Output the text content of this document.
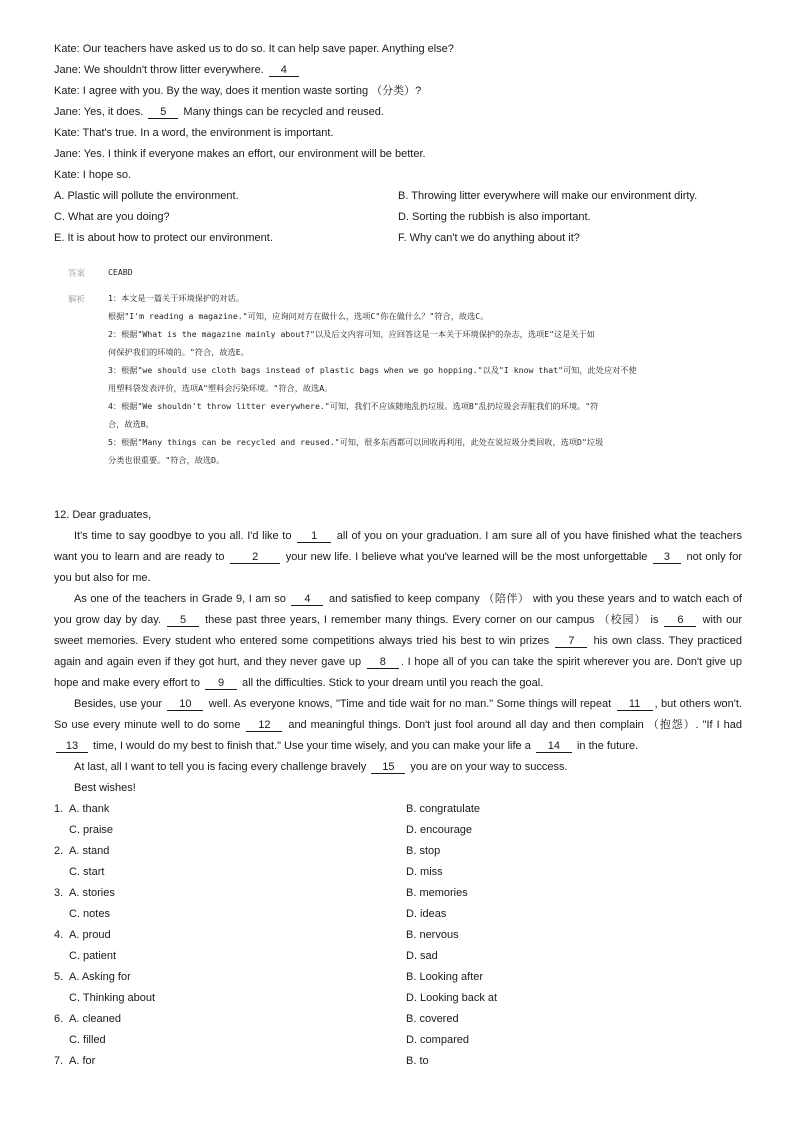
Kate: Our teachers have asked us to do so. It can help save paper. Anything else?
Jane: We shouldn't throw litter everywhere. 4
Kate: I agree with you. By the way, does it mention waste sorting （分类）?
Jane: Yes, it does. 5 Many things can be recycled and reused.
Kate: That's true. In a word, the environment is important.
Jane: Yes. I think if everyone makes an effort, our environment will be better.
Kate: I hope so.
A. Plastic will pollute the environment.	B. Throwing litter everywhere will make our environment dirty.
C. What are you doing?	D. Sorting the rubbish is also important.
E. It is about how to protect our environment.	F. Why can't we do anything about it?
答案	CEABD
解析	1：本文是一篇关于环境保护的对话。
根据"I'm reading a magazine."可知，应询问对方在做什么，选项C"你在做什么？"符合，故选C。
2：根据"What is the magazine mainly about?"以及后文内容可知，应回答这是一本关于环境保护的杂志，选项E"这是关于如
何保护我们的环境的。"符合，故选E。
3：根据"we should use cloth bags instead of plastic bags when we go hopping."以及"I know that"可知，此处应对不使
用塑料袋发表评价，选项A"塑料会污染环境。"符合，故选A。
4：根据"We shouldn't throw litter everywhere."可知，我们不应该随地乱扔垃圾。选项B"乱扔垃圾会弄脏我们的环境。"符
合，故选B。
5：根据"Many things can be recycled and reused."可知，很多东西都可以回收再利用，此处在说垃圾分类回收，选项D"垃圾
分类也很重要。"符合，故选D。
12. Dear graduates,
It's time to say goodbye to you all. I'd like to 1 all of you on your graduation. I am sure all of you have finished what the teachers want you to learn and are ready to 2 your new life. I believe what you've learned will be the most unforgettable 3 not only for you but also for me.
As one of the teachers in Grade 9, I am so 4 and satisfied to keep company （陪伴） with you these years and to watch each of you grow day by day. 5 these past three years, I remember many things. Every corner on our campus （校园） is 6 with our sweet memories. Every student who entered some competitions always tried his best to win prizes 7 his own class. They practiced again and again even if they got hurt, and they never gave up 8 . I hope all of you can take the spirit wherever you are. Don't give up hope and make every effort to 9 all the difficulties. Stick to your dream until you reach the goal.
Besides, use your 10 well. As everyone knows, "Time and tide wait for no man." Some things will repeat 11 , but others won't. So use every minute well to do some 12 and meaningful things. Don't just fool around all day and then complain （抱怨）. "If I had 13 time, I would do my best to finish that." Use your time wisely, and you can make your life a 14 in the future.
At last, all I want to tell you is facing every challenge bravely 15 you are on your way to success.
Best wishes!
1. A. thank	B. congratulate
C. praise	D. encourage
2. A. stand	B. stop
C. start	D. miss
3. A. stories	B. memories
C. notes	D. ideas
4. A. proud	B. nervous
C. patient	D. sad
5. A. Asking for	B. Looking after
C. Thinking about	D. Looking back at
6. A. cleaned	B. covered
C. filled	D. compared
7. A. for	B. to
